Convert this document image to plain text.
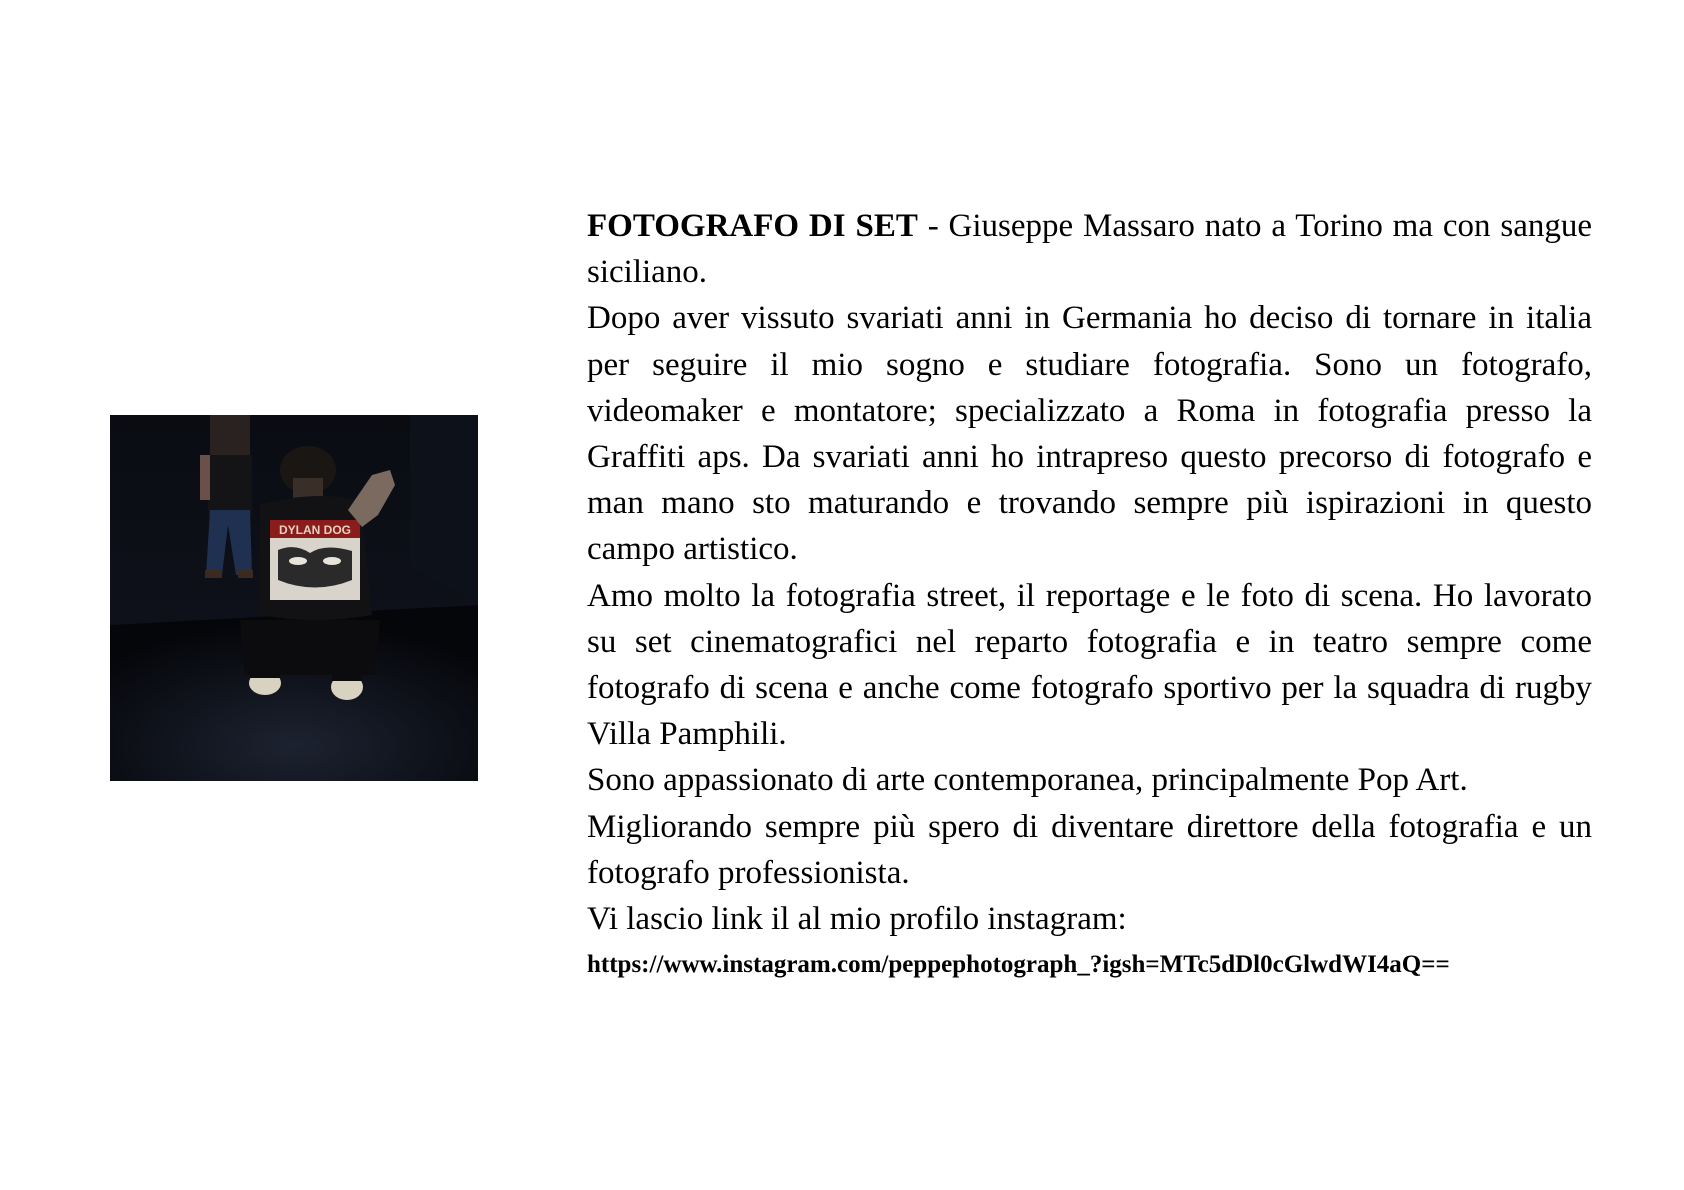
DYLAN DOG

FOTOGRAFO DI SET - Giuseppe Massaro nato a Torino ma con sangue siciliano.

Dopo aver vissuto svariati anni in Germania ho deciso di tornare in italia per seguire il mio sogno e studiare fotografia. Sono un fotografo, videomaker e montatore; specializzato a Roma in fotografia presso la Graffiti aps. Da svariati anni ho intrapreso questo precorso di fotografo e man mano sto maturando e trovando sempre più ispirazioni in questo campo artistico.

Amo molto la fotografia street, il reportage e le foto di scena. Ho lavorato su set cinematografici nel reparto fotografia e in teatro sempre come fotografo di scena e anche come fotografo sportivo per la squadra di rugby Villa Pamphili.

Sono appassionato di arte contemporanea, principalmente Pop Art.

Migliorando sempre più spero di diventare direttore della fotografia e un fotografo professionista.

Vi lascio link il al mio profilo instagram:

https://www.instagram.com/peppephotograph_?igsh=MTc5dDl0cGlwdWI4aQ==
